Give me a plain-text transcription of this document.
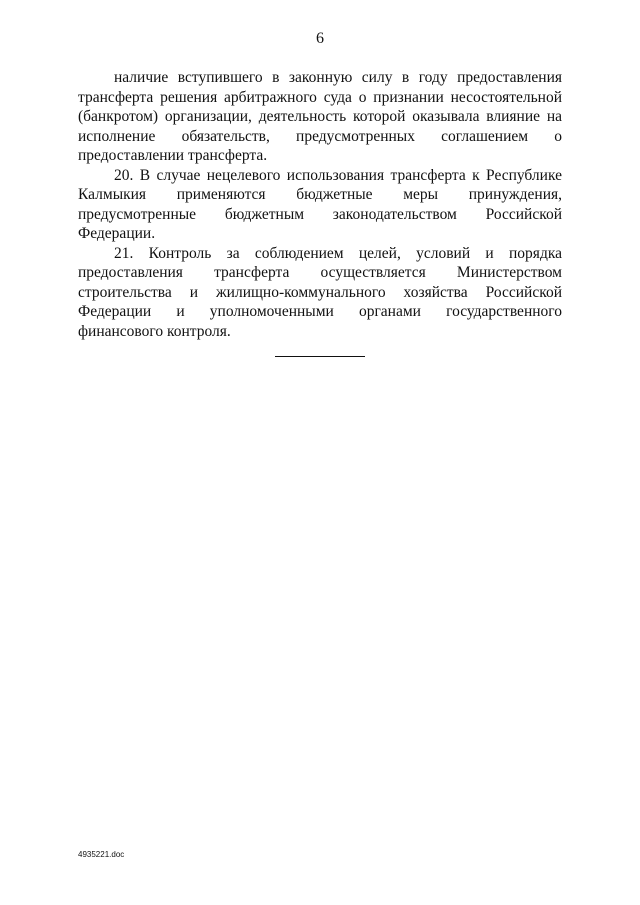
6

наличие вступившего в законную силу в году предоставления трансферта решения арбитражного суда о признании несостоятельной (банкротом) организации, деятельность которой оказывала влияние на исполнение обязательств, предусмотренных соглашением о предоставлении трансферта.

20. В случае нецелевого использования трансферта к Республике Калмыкия применяются бюджетные меры принуждения, предусмотренные бюджетным законодательством Российской Федерации.

21. Контроль за соблюдением целей, условий и порядка предоставления трансферта осуществляется Министерством строительства и жилищно-коммунального хозяйства Российской Федерации и уполномоченными органами государственного финансового контроля.

4935221.doc
